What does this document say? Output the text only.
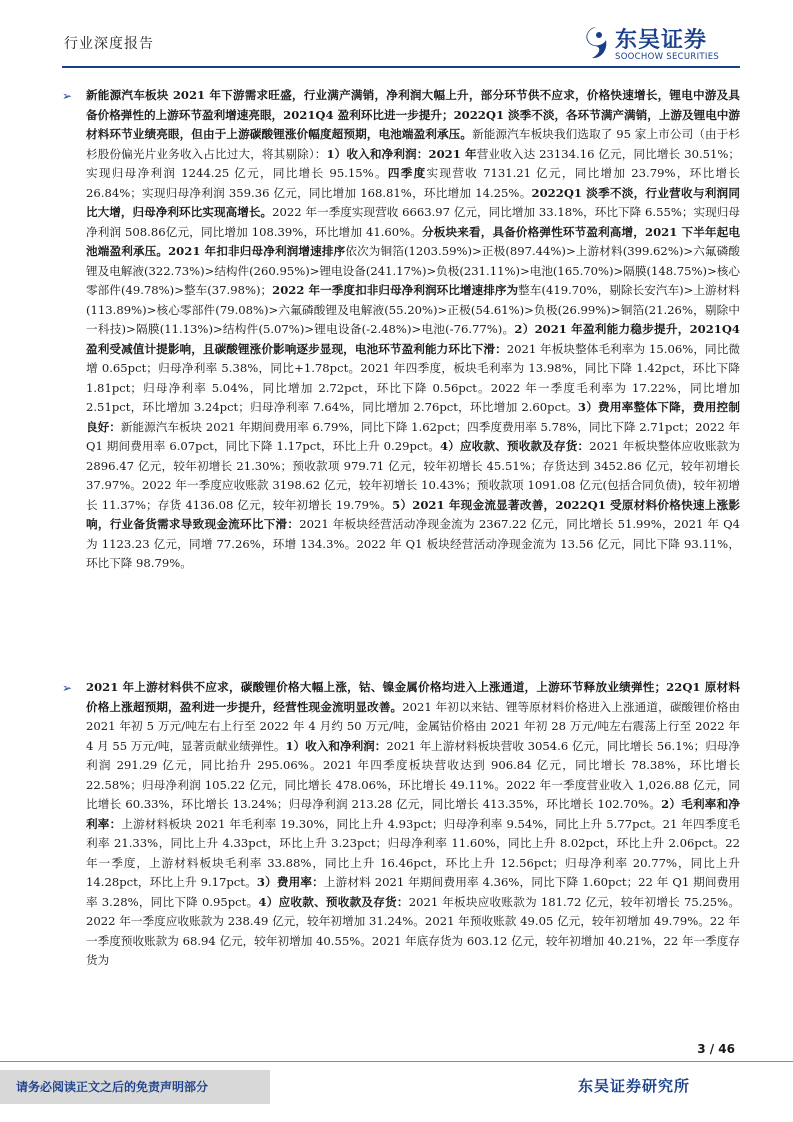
行业深度报告
SCS
东吴证券
SOOCHOW SECURITIES
➢ 新能源汽车板块 2021 年下游需求旺盛，行业满产满销，净利润大幅上升，部分环节供不应求，价格快速增长，锂电中游及具备价格弹性的上游环节盈利增速亮眼，2021Q4 盈利环比进一步提升；2022Q1 淡季不淡，各环节满产满销，上游及锂电中游材料环节业绩亮眼，但由于上游碳酸锂涨价幅度超预期，电池端盈利承压。新能源汽车板块我们选取了 95 家上市公司（由于杉杉股份偏光片业务收入占比过大，将其剔除）：1）收入和净利润：2021 年营业收入达 23134.16 亿元，同比增长 30.51%；实现归母净利润 1244.25 亿元，同比增长 95.15%。四季度实现营收 7131.21 亿元，同比增加 23.79%，环比增长 26.84%；实现归母净利润 359.36 亿元，同比增加 168.81%，环比增加 14.25%。2022Q1 淡季不淡，行业营收与利润同比大增，归母净利环比实现高增长。2022 年一季度实现营收 6663.97 亿元，同比增加 33.18%，环比下降 6.55%；实现归母净利润 508.86亿元，同比增加 108.39%，环比增加 41.60%。分板块来看，具备价格弹性环节盈利高增，2021 下半年起电池端盈利承压。2021 年扣非归母净利润增速排序依次为铜箔(1203.59%)>正极(897.44%)>上游材料(399.62%)>六氟磷酸锂及电解液(322.73%)>结构件(260.95%)>锂电设备(241.17%)>负极(231.11%)>电池(165.70%)>隔膜(148.75%)>核心零部件(49.78%)>整车(37.98%)；2022 年一季度扣非归母净利润环比增速排序为整车(419.70%，剔除长安汽车)>上游材料(113.89%)>核心零部件(79.08%)>六氟磷酸锂及电解液(55.20%)>正极(54.61%)>负极(26.99%)>铜箔(21.26%，剔除中一科技)>隔膜(11.13%)>结构件(5.07%)>锂电设备(-2.48%)>电池(-76.77%)。2）2021 年盈利能力稳步提升，2021Q4 盈利受减值计提影响，且碳酸锂涨价影响逐步显现，电池环节盈利能力环比下滑：2021 年板块整体毛利率为 15.06%，同比微增 0.65pct；归母净利率 5.38%，同比+1.78pct。2021 年四季度，板块毛利率为 13.98%，同比下降 1.42pct，环比下降 1.81pct；归母净利率 5.04%，同比增加 2.72pct，环比下降 0.56pct。2022 年一季度毛利率为 17.22%，同比增加 2.51pct，环比增加 3.24pct；归母净利率 7.64%，同比增加 2.76pct，环比增加 2.60pct。3）费用率整体下降，费用控制良好：新能源汽车板块 2021 年期间费用率 6.79%，同比下降 1.62pct；四季度费用率 5.78%，同比下降 2.71pct；2022 年 Q1 期间费用率 6.07pct，同比下降 1.17pct，环比上升 0.29pct。4）应收款、预收款及存货：2021 年板块整体应收账款为 2896.47 亿元，较年初增长 21.30%；预收款项 979.71 亿元，较年初增长 45.51%；存货达到 3452.86 亿元，较年初增长 37.97%。2022 年一季度应收账款 3198.62 亿元，较年初增长 10.43%；预收款项 1091.08 亿元(包括合同负债)，较年初增长 11.37%；存货 4136.08 亿元，较年初增长 19.79%。5）2021 年现金流显著改善，2022Q1 受原材料价格快速上涨影响，行业备货需求导致现金流环比下滑：2021 年板块经营活动净现金流为 2367.22 亿元，同比增长 51.99%，2021 年 Q4 为 1123.23 亿元，同增 77.26%，环增 134.3%。2022 年 Q1 板块经营活动净现金流为 13.56 亿元，同比下降 93.11%，环比下降 98.79%。
➢ 2021 年上游材料供不应求，碳酸锂价格大幅上涨，钴、镍金属价格均进入上涨通道，上游环节释放业绩弹性；22Q1 原材料价格上涨超预期，盈利进一步提升，经营性现金流明显改善。2021 年初以来钴、锂等原材料价格进入上涨通道，碳酸锂价格由 2021 年初 5 万元/吨左右上行至 2022 年 4 月约 50 万元/吨，金属钴价格由 2021 年初 28 万元/吨左右震荡上行至 2022 年 4 月 55 万元/吨，显著贡献业绩弹性。1）收入和净利润：2021 年上游材料板块营收 3054.6 亿元，同比增长 56.1%；归母净利润 291.29 亿元，同比抬升 295.06%。2021 年四季度板块营收达到 906.84 亿元，同比增长 78.38%，环比增长 22.58%；归母净利润 105.22 亿元，同比增长 478.06%，环比增长 49.11%。2022 年一季度营业收入 1,026.88 亿元，同比增长 60.33%，环比增长 13.24%；归母净利润 213.28 亿元，同比增长 413.35%，环比增长 102.70%。2）毛利率和净利率：上游材料板块 2021 年毛利率 19.30%，同比上升 4.93pct；归母净利率 9.54%，同比上升 5.77pct。21 年四季度毛利率 21.33%，同比上升 4.33pct，环比上升 3.23pct；归母净利率 11.60%，同比上升 8.02pct，环比上升 2.06pct。22 年一季度，上游材料板块毛利率 33.88%，同比上升 16.46pct，环比上升 12.56pct；归母净利率 20.77%，同比上升 14.28pct，环比上升 9.17pct。3）费用率：上游材料 2021 年期间费用率 4.36%，同比下降 1.60pct；22 年 Q1 期间费用率 3.28%，同比下降 0.95pct。4）应收款、预收款及存货：2021 年板块应收账款为 181.72 亿元，较年初增长 75.25%。2022 年一季度应收账款为 238.49 亿元，较年初增加 31.24%。2021 年预收账款 49.05 亿元，较年初增加 49.79%。22 年一季度预收账款为 68.94 亿元，较年初增加 40.55%。2021 年底存货为 603.12 亿元，较年初增加 40.21%，22 年一季度存货为
3 / 46
请务必阅读正文之后的免责声明部分	东吴证券研究所
